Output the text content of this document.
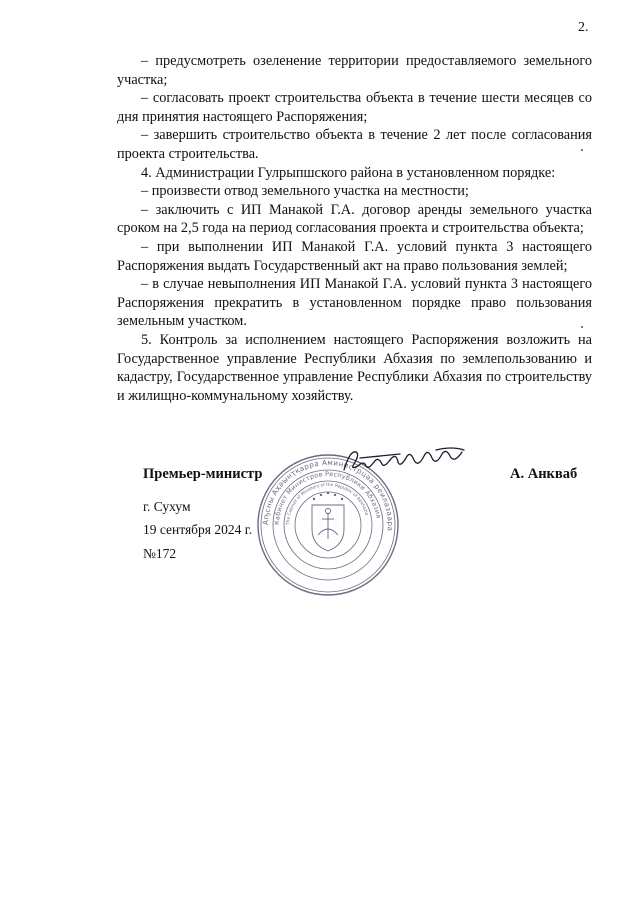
2.

– предусмотреть озеленение территории предоставляемого земельного участка;

– согласовать проект строительства объекта в течение шести месяцев со дня принятия настоящего Распоряжения;

– завершить строительство объекта в течение 2 лет после согласования проекта строительства.

4. Администрации Гулрыпшского района в установленном порядке:

– произвести отвод земельного участка на местности;

– заключить с ИП Манакой Г.А. договор аренды земельного участка сроком на 2,5 года на период согласования проекта и строительства объекта;

– при выполнении ИП Манакой Г.А. условий пункта 3 настоящего Распоряжения выдать Государственный акт на право пользования землей;

– в случае невыполнения ИП Манакой Г.А. условий пункта 3 настоящего Распоряжения прекратить в установленном порядке право пользования земельным участком.

5. Контроль за исполнением настоящего Распоряжения возложить на Государственное управление Республики Абхазия по землепользованию и кадастру, Государственное управление Республики Абхазия по строительству и жилищно-коммунальному хозяйству.

Премьер-министр
Аҧсны Аҳәынҭқарра Аминистрцәа реилазаара
Кабинет Министров Республики Абхазия
The Cabinet of Ministers of the Republic of Abkhazia
А. Анкваб
г. Сухум
19 сентября 2024 г.
№172
